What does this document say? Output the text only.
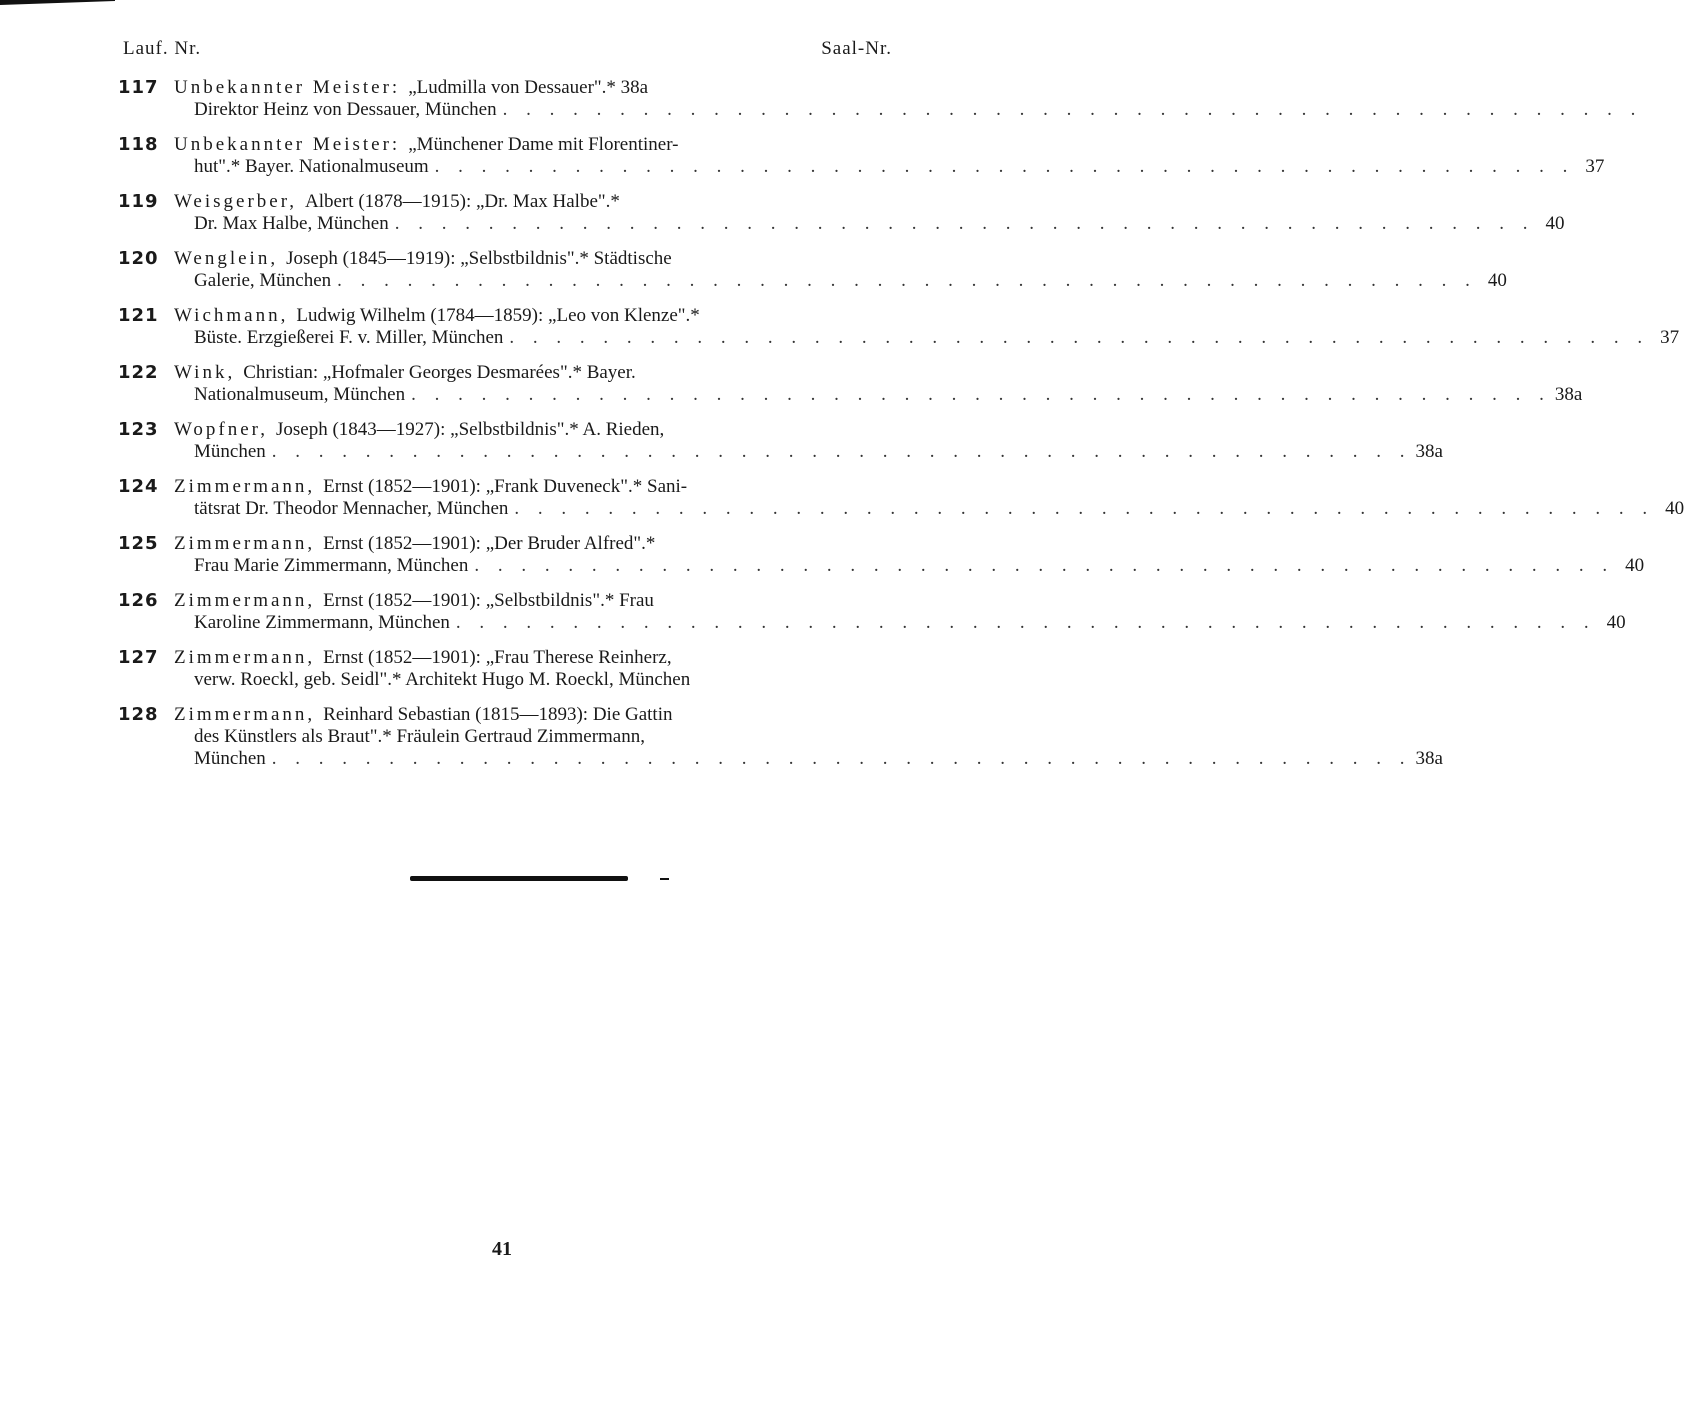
Lauf. Nr.	Saal-Nr.
117 Unbekannter Meister: „Ludmilla von Dessauer".* 38a
Direktor Heinz von Dessauer, München
. . .
118 Unbekannter Meister: „Münchener Dame mit Florentiner-
hut".* Bayer. Nationalmuseum . . .	37
119 Weisgerber, Albert (1878—1915): „Dr. Max Halbe".*
Dr. Max Halbe, München . . .	40
120 Wenglein, Joseph (1845—1919): „Selbstbildnis".* Städtische
Galerie, München . . .	40
121 Wichmann, Ludwig Wilhelm (1784—1859): „Leo von Klenze".*
Büste. Erzgießerei F. v. Miller, München . . .	37
122 Wink, Christian: „Hofmaler Georges Desmarées".* Bayer.
Nationalmuseum, München . . .	38a
123 Wopfner, Joseph (1843—1927): „Selbstbildnis".* A. Rieden,
München . . .	38a
124 Zimmermann, Ernst (1852—1901): „Frank Duveneck".* Sani-
tätsrat Dr. Theodor Mennacher, München . . .	40
125 Zimmermann, Ernst (1852—1901): „Der Bruder Alfred".*
Frau Marie Zimmermann, München . . .	40
126 Zimmermann, Ernst (1852—1901): „Selbstbildnis".* Frau
Karoline Zimmermann, München . . .	40
127 Zimmermann, Ernst (1852—1901): „Frau Therese Reinherz,
verw. Roeckl, geb. Seidl".* Architekt Hugo M. Roeckl, München
128 Zimmermann, Reinhard Sebastian (1815—1893): Die Gattin
des Künstlers als Braut".* Fräulein Gertraud Zimmermann,
München . . .	38a
41
